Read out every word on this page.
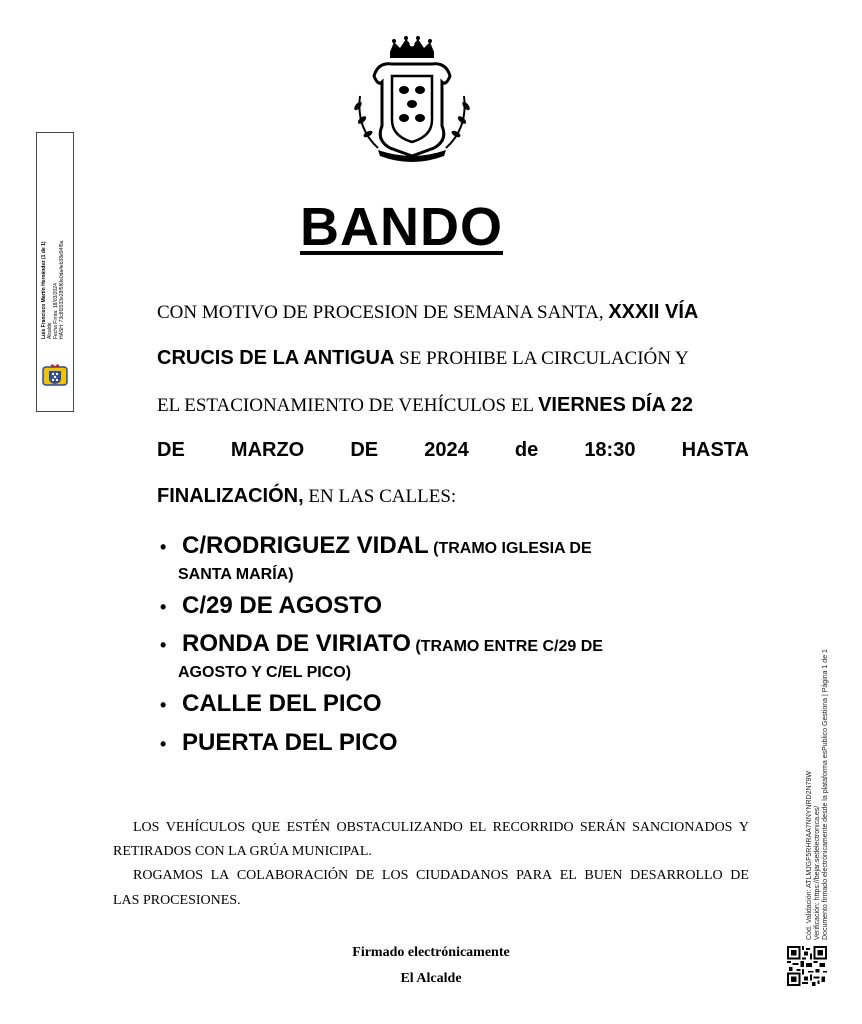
BANDO
CON MOTIVO DE PROCESION DE SEMANA SANTA, XXXII VÍA
CRUCIS DE LA ANTIGUA SE PROHIBE LA CIRCULACIÓN Y
EL ESTACIONAMIENTO DE VEHÍCULOS EL VIERNES DÍA 22
DE MARZO DE 2024 de 18:30 HASTA
FINALIZACIÓN, EN LAS CALLES:
• C/RODRIGUEZ VIDAL (TRAMO IGLESIA DE
SANTA MARÍA)
• C/29 DE AGOSTO
• RONDA DE VIRIATO (TRAMO ENTRE C/29 DE
AGOSTO Y C/EL PICO)
• CALLE DEL PICO
• PUERTA DEL PICO
LOS VEHÍCULOS QUE ESTÉN OBSTACULIZANDO EL RECORRIDO SERÁN SANCIONADOS Y
RETIRADOS CON LA GRÚA MUNICIPAL.
ROGAMOS LA COLABORACIÓN DE LOS CIUDADANOS PARA EL BUEN DESARROLLO DE
LAS PROCESIONES.
Firmado electrónicamente
El Alcalde
Luis Francisco Martín Hernández (1 de 1) Alcalde Fecha Firma: 18/03/2024 HASH: 73c8f2033e28f5f6fe0da4eb38e94f9a
Cód. Validación: ATLMJGF5RHRAA7NNYNRD2N79W Verificación: https://bejar.sedelectronica.es/ Documento firmado electrónicamente desde la plataforma esPublico Gestiona | Página 1 de 1
